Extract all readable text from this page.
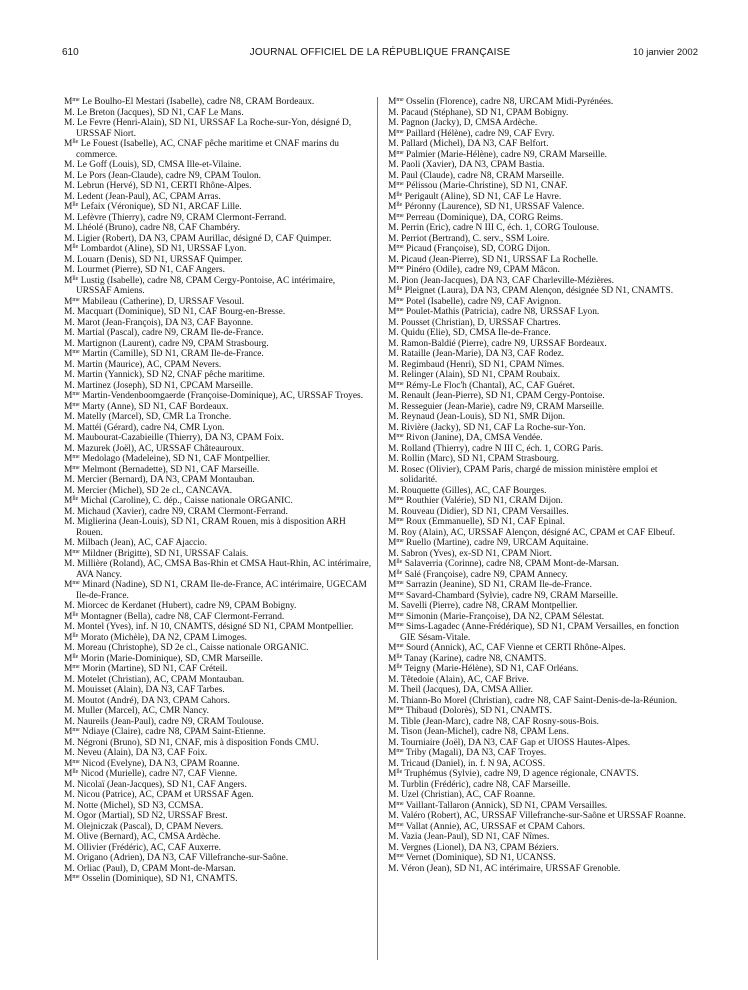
610	JOURNAL OFFICIEL DE LA RÉPUBLIQUE FRANÇAISE	10 janvier 2002
$M^{me}$ Le Boulho-El Mestari (Isabelle), cadre N8, CRAM Bordeaux.
M. Le Breton (Jacques), SD N1, CAF Le Mans.
M. Le Fevre (Henri-Alain), SD N1, URSSAF La Roche-sur-Yon, désigné D, URSSAF Niort.
$M^{lle}$ Le Fouest (Isabelle), AC, CNAF pêche maritime et CNAF marins du commerce.
M. Le Goff (Louis), SD, CMSA Ille-et-Vilaine.
M. Le Pors (Jean-Claude), cadre N9, CPAM Toulon.
M. Lebrun (Hervé), SD N1, CERTI Rhône-Alpes.
M. Ledent (Jean-Paul), AC, CPAM Arras.
$M^{lle}$ Lefaix (Véronique), SD N1, ARCAF Lille.
M. Lefèvre (Thierry), cadre N9, CRAM Clermont-Ferrand.
M. Lhéolé (Bruno), cadre N8, CAF Chambéry.
M. Ligier (Robert), DA N3, CPAM Aurillac, désigné D, CAF Quimper.
$M^{lle}$ Lombardot (Aline), SD N1, URSSAF Lyon.
M. Louarn (Denis), SD N1, URSSAF Quimper.
M. Lourmet (Pierre), SD N1, CAF Angers.
$M^{lle}$ Lustig (Isabelle), cadre N8, CPAM Cergy-Pontoise, AC intérimaire, URSSAF Amiens.
$M^{me}$ Mabileau (Catherine), D, URSSAF Vesoul.
M. Macquart (Dominique), SD N1, CAF Bourg-en-Bresse.
M. Marot (Jean-François), DA N3, CAF Bayonne.
M. Martial (Pascal), cadre N9, CRAM Ile-de-France.
M. Martignon (Laurent), cadre N9, CPAM Strasbourg.
$M^{me}$ Martin (Camille), SD N1, CRAM Ile-de-France.
M. Martin (Maurice), AC, CPAM Nevers.
M. Martin (Yannick), SD N2, CNAF pêche maritime.
M. Martinez (Joseph), SD N1, CPCAM Marseille.
$M^{me}$ Martin-Vendenboomgaerde (Françoise-Dominique), AC, URSSAF Troyes.
$M^{me}$ Marty (Anne), SD N1, CAF Bordeaux.
M. Matelly (Marcel), SD, CMR La Tronche.
M. Mattéi (Gérard), cadre N4, CMR Lyon.
M. Maubourat-Cazabieille (Thierry), DA N3, CPAM Foix.
M. Mazurek (Joël), AC, URSSAF Châteauroux.
$M^{me}$ Medolago (Madeleine), SD N1, CAF Montpellier.
$M^{me}$ Melmont (Bernadette), SD N1, CAF Marseille.
M. Mercier (Bernard), DA N3, CPAM Montauban.
M. Mercier (Michel), SD 2e cl., CANCAVA.
$M^{lle}$ Michal (Caroline), C. dép., Caisse nationale ORGANIC.
M. Michaud (Xavier), cadre N9, CRAM Clermont-Ferrand.
M. Miglierina (Jean-Louis), SD N1, CRAM Rouen, mis à disposition ARH Rouen.
M. Milbach (Jean), AC, CAF Ajaccio.
$M^{me}$ Mildner (Brigitte), SD N1, URSSAF Calais.
M. Millière (Roland), AC, CMSA Bas-Rhin et CMSA Haut-Rhin, AC intérimaire, AVA Nancy.
$M^{me}$ Minard (Nadine), SD N1, CRAM Ile-de-France, AC intérimaire, UGECAM Ile-de-France.
M. Miorcec de Kerdanet (Hubert), cadre N9, CPAM Bobigny.
$M^{lle}$ Montagner (Bella), cadre N8, CAF Clermont-Ferrand.
M. Montel (Yves), inf. N 10, CNAMTS, désigné SD N1, CPAM Montpellier.
$M^{lle}$ Morato (Michèle), DA N2, CPAM Limoges.
M. Moreau (Christophe), SD 2e cl., Caisse nationale ORGANIC.
$M^{lle}$ Morin (Marie-Dominique), SD, CMR Marseille.
$M^{me}$ Morin (Martine), SD N1, CAF Créteil.
M. Motelet (Christian), AC, CPAM Montauban.
M. Mouisset (Alain), DA N3, CAF Tarbes.
M. Moutot (André), DA N3, CPAM Cahors.
M. Muller (Marcel), AC, CMR Nancy.
M. Naureils (Jean-Paul), cadre N9, CRAM Toulouse.
$M^{me}$ Ndiaye (Claire), cadre N8, CPAM Saint-Etienne.
M. Négroni (Bruno), SD N1, CNAF, mis à disposition Fonds CMU.
M. Neveu (Alain), DA N3, CAF Foix.
$M^{me}$ Nicod (Evelyne), DA N3, CPAM Roanne.
$M^{lle}$ Nicod (Murielle), cadre N7, CAF Vienne.
M. Nicolaï (Jean-Jacques), SD N1, CAF Angers.
M. Nicou (Patrice), AC, CPAM et URSSAF Agen.
M. Notte (Michel), SD N3, CCMSA.
M. Ogor (Martial), SD N2, URSSAF Brest.
M. Olejniczak (Pascal), D, CPAM Nevers.
M. Olive (Bernard), AC, CMSA Ardèche.
M. Ollivier (Frédéric), AC, CAF Auxerre.
M. Origano (Adrien), DA N3, CAF Villefranche-sur-Saône.
M. Orliac (Paul), D, CPAM Mont-de-Marsan.
$M^{me}$ Osselin (Dominique), SD N1, CNAMTS.
$M^{me}$ Osselin (Florence), cadre N8, URCAM Midi-Pyrénées.
M. Pacaud (Stéphane), SD N1, CPAM Bobigny.
M. Pagnon (Jacky), D, CMSA Ardèche.
$M^{me}$ Paillard (Hélène), cadre N9, CAF Evry.
M. Pallard (Michel), DA N3, CAF Belfort.
$M^{me}$ Palmier (Marie-Hélène), cadre N9, CRAM Marseille.
M. Paoli (Xavier), DA N3, CPAM Bastia.
M. Paul (Claude), cadre N8, CRAM Marseille.
$M^{me}$ Pélissou (Marie-Christine), SD N1, CNAF.
$M^{lle}$ Perigault (Aline), SD N1, CAF Le Havre.
$M^{lle}$ Péronny (Laurence), SD N1, URSSAF Valence.
$M^{me}$ Perreau (Dominique), DA, CORG Reims.
M. Perrin (Eric), cadre N III C, éch. 1, CORG Toulouse.
M. Perriot (Bertrand), C. serv., SSM Loire.
$M^{me}$ Picaud (Françoise), SD, CORG Dijon.
M. Picaud (Jean-Pierre), SD N1, URSSAF La Rochelle.
$M^{me}$ Pinéro (Odile), cadre N9, CPAM Mâcon.
M. Pion (Jean-Jacques), DA N3, CAF Charleville-Mézières.
$M^{lle}$ Pleignet (Laura), DA N3, CPAM Alençon, désignée SD N1, CNAMTS.
$M^{me}$ Potel (Isabelle), cadre N9, CAF Avignon.
$M^{me}$ Poulet-Mathis (Patricia), cadre N8, URSSAF Lyon.
M. Pousset (Christian), D, URSSAF Chartres.
M. Quidu (Elie), SD, CMSA Ile-de-France.
M. Ramon-Baldié (Pierre), cadre N9, URSSAF Bordeaux.
M. Rataille (Jean-Marie), DA N3, CAF Rodez.
M. Regimbaud (Henri), SD N1, CPAM Nîmes.
M. Relinger (Alain), SD N1, CPAM Roubaix.
$M^{me}$ Rémy-Le Floc'h (Chantal), AC, CAF Guéret.
M. Renault (Jean-Pierre), SD N1, CPAM Cergy-Pontoise.
M. Resseguier (Jean-Marie), cadre N9, CRAM Marseille.
M. Reynaud (Jean-Louis), SD N1, SMR Dijon.
M. Rivière (Jacky), SD N1, CAF La Roche-sur-Yon.
$M^{me}$ Rivon (Janine), DA, CMSA Vendée.
M. Rolland (Thierry), cadre N III C, éch. 1, CORG Paris.
M. Rollin (Marc), SD N1, CPAM Strasbourg.
M. Rosec (Olivier), CPAM Paris, chargé de mission ministère emploi et solidarité.
M. Rouquette (Gilles), AC, CAF Bourges.
$M^{me}$ Routhier (Valérie), SD N1, CRAM Dijon.
M. Rouveau (Didier), SD N1, CPAM Versailles.
$M^{me}$ Roux (Emmanuelle), SD N1, CAF Epinal.
M. Roy (Alain), AC, URSSAF Alençon, désigné AC, CPAM et CAF Elbeuf.
$M^{me}$ Ruello (Martine), cadre N9, URCAM Aquitaine.
M. Sabron (Yves), ex-SD N1, CPAM Niort.
$M^{lle}$ Salaverria (Corinne), cadre N8, CPAM Mont-de-Marsan.
$M^{lle}$ Salé (Françoise), cadre N9, CPAM Annecy.
$M^{me}$ Sarrazin (Jeanine), SD N1, CRAM Ile-de-France.
$M^{me}$ Savard-Chambard (Sylvie), cadre N9, CRAM Marseille.
M. Savelli (Pierre), cadre N8, CRAM Montpellier.
$M^{me}$ Simonin (Marie-Françoise), DA N2, CPAM Sélestat.
$M^{me}$ Sims-Lagadec (Anne-Frédérique), SD N1, CPAM Versailles, en fonction GIE Sésam-Vitale.
$M^{me}$ Sourd (Annick), AC, CAF Vienne et CERTI Rhône-Alpes.
$M^{lle}$ Tanay (Karine), cadre N8, CNAMTS.
$M^{lle}$ Teigny (Marie-Hélène), SD N1, CAF Orléans.
M. Têtedoie (Alain), AC, CAF Brive.
M. Theil (Jacques), DA, CMSA Allier.
M. Thiann-Bo Morel (Christian), cadre N8, CAF Saint-Denis-de-la-Réunion.
$M^{me}$ Thibaud (Dolorès), SD N1, CNAMTS.
M. Tible (Jean-Marc), cadre N8, CAF Rosny-sous-Bois.
M. Tison (Jean-Michel), cadre N8, CPAM Lens.
M. Tourniaire (Joël), DA N3, CAF Gap et UIOSS Hautes-Alpes.
$M^{me}$ Triby (Magali), DA N3, CAF Troyes.
M. Tricaud (Daniel), in. f. N 9A, ACOSS.
$M^{lle}$ Truphémus (Sylvie), cadre N9, D agence régionale, CNAVTS.
M. Turblin (Frédéric), cadre N8, CAF Marseille.
M. Uzel (Christian), AC, CAF Roanne.
$M^{me}$ Vaillant-Tallaron (Annick), SD N1, CPAM Versailles.
M. Valéro (Robert), AC, URSSAF Villefranche-sur-Saône et URSSAF Roanne.
$M^{me}$ Vallat (Annie), AC, URSSAF et CPAM Cahors.
M. Vazia (Jean-Paul), SD N1, CAF Nîmes.
M. Vergnes (Lionel), DA N3, CPAM Béziers.
$M^{me}$ Vernet (Dominique), SD N1, UCANSS.
M. Véron (Jean), SD N1, AC intérimaire, URSSAF Grenoble.
